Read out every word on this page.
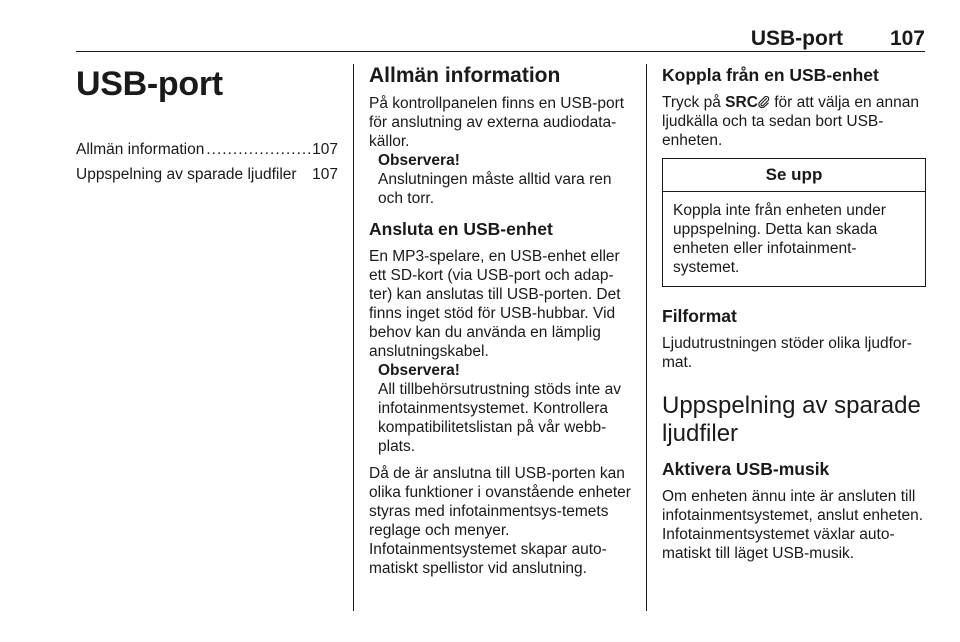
USB-port 107
USB-port
Allmän information
.....	107
Uppspelning av sparade ljudfiler 107
Allmän information

På kontrollpanelen finns en USB-port för anslutning av externa audiodata-källor.

Observera!
Anslutningen måste alltid vara ren och torr.
Ansluta en USB-enhet

En MP3-spelare, en USB-enhet eller ett SD-kort (via USB-port och adap-ter) kan anslutas till USB-porten. Det finns inget stöd för USB-hubbar. Vid behov kan du använda en lämplig anslutningskabel.

Observera!
All tillbehörsutrustning stöds inte av infotainmentsystemet. Kontrollera kompatibilitetslistan på vår webb-plats.

Då de är anslutna till USB-porten kan olika funktioner i ovanstående enheter styras med infotainmentsys-temets reglage och menyer.

Infotainmentsystemet skapar auto-matiskt spellistor vid anslutning.

Koppla från en USB-enhet

Tryck på SRC för att välja en annan ljudkälla och ta sedan bort USB-enheten.

Se upp
Koppla inte från enheten under uppspelning. Detta kan skada enheten eller infotainment-systemet.
Filformat

Ljudutrustningen stöder olika ljudfor-mat.

Uppspelning av sparade ljudfiler
Aktivera USB-musik

Om enheten ännu inte är ansluten till infotainmentsystemet, anslut enheten.

Infotainmentsystemet växlar auto-matiskt till läget USB-musik.
